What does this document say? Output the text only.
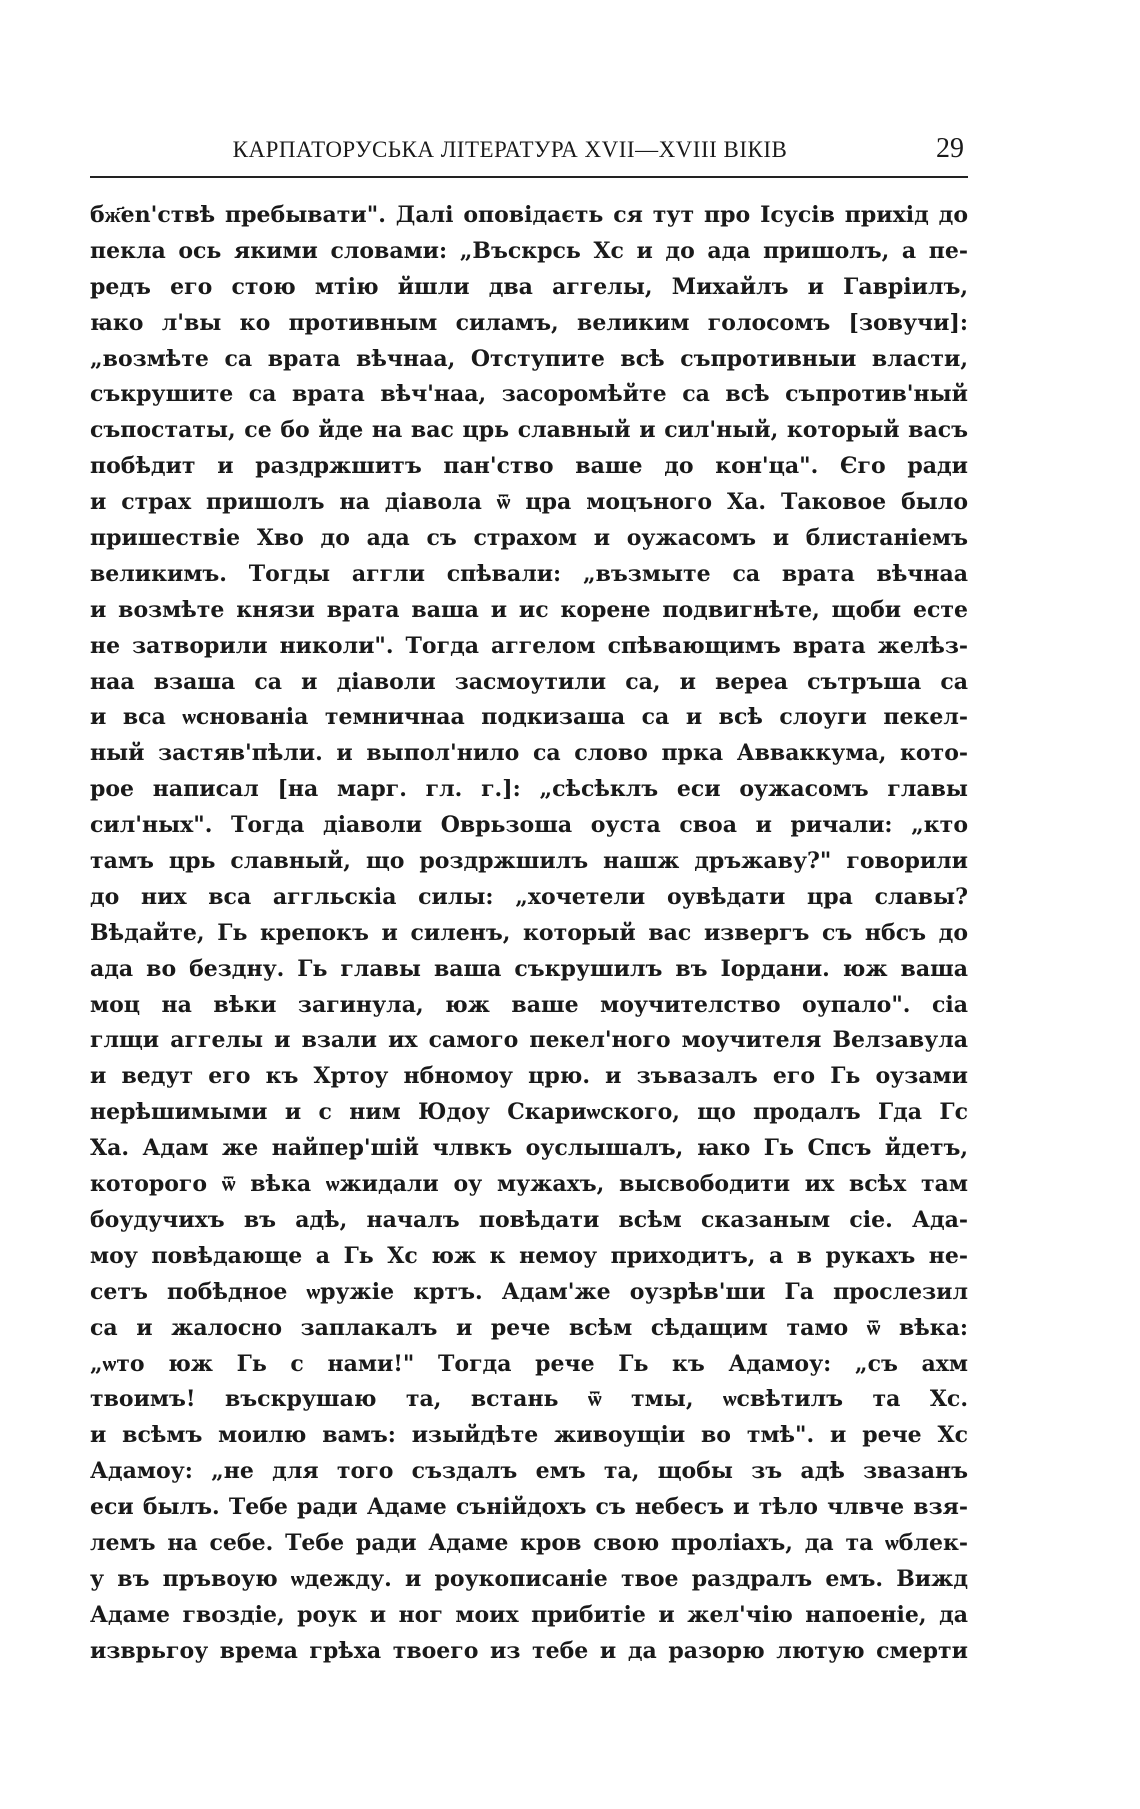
КАРПАТОРУСЬКА ЛІТЕРАТУРА XVII—XVIII ВІКІВ	29
бж҃еn'ствѣ пребывати". Далі оповідаєть ся тут про Ісусів прихід до
пекла ось якими словами: „Въскрсь Хс и до ада пришолъ, а пе-
редъ его стою мтію йшли два аггелы, Михайлъ и Гавріилъ,
ꙗко л'вы ко противным силамъ, великим голосомъ [зовучи]:
„возмѣте са врата вѣчнаа, Отступите всѣ съпротивныи власти,
съкрушите са врата вѣч'наа, засоромѣйте са всѣ съпротив'ный
съпостаты, се бо йде на вас црь славный и сил'ный, который васъ
побѣдит и раздржшитъ пан'ство ваше до кон'ца". Єго ради
и страх пришолъ на діавола ѿ цра моцъного Ха. Таковое было
пришествіе Хво до ада съ страхом и оужасомъ и блистаніемъ
великимъ. Тогды аггли спѣвали: „възмыте са врата вѣчнаа
и возмѣте князи врата ваша и ис корене подвигнѣте, щоби есте
не затворили николи". Тогда аггелом спѣвающимъ врата желѣз-
наа взаша са и діаволи засмоутили са, и вереа сътръша са
и вса ѡснованіа темничнаа подкизаша са и всѣ слоуги пекел-
ный застяв'пѣли. и выпол'нило са слово прка Авваккума, кото-
рое написал [на марг. гл. г.]: „сѣсѣклъ еси оужасомъ главы
сил'ных". Тогда діаволи Оврьзоша оуста своа и ричали: „кто
тамъ црь славный, що роздржшилъ нашж дръжаву?" говорили
до них вса аггльскіа силы: „хочетели оувѣдати цра славы?
Вѣдайте, Гь крепокъ и силенъ, который вас извергъ съ нбсъ до
ада во бездну. Гь главы ваша съкрушилъ въ Іордани. юж ваша
моц на вѣки загинула, юж ваше моучителство оупало". сіа
глщи аггелы и взали их самого пекел'ного моучителя Велзавула
и ведут его къ Хртоу нбномоу црю. и зъвазалъ его Гь оузами
нерѣшимыми и с ним Юдоу Скариѡского, що продалъ Гда Гс
Ха. Адам же найпер'шій члвкъ оуслышалъ, ꙗко Гь Спсъ йдетъ,
которого ѿ вѣка ѡжидали оу мужахъ, высвободити их всѣх там
боудучихъ въ адѣ, началъ повѣдати всѣм сказаным сіе. Ада-
моу повѣдающе а Гь Хс юж к немоу приходитъ, а в рукахъ не-
сетъ побѣдное ѡружіе кртъ. Адам'же оузрѣв'ши Га прослезил
са и жалосно заплакалъ и рече всѣм сѣдащим тамо ѿ вѣка:
„ѡто юж Гь с нами!" Тогда рече Гь къ Адамоу: „съ ахм
твоимъ! въскрушаю та, встань ѿ тмы, ѡсвѣтилъ та Хс.
и всѣмъ моилю вамъ: изыйдѣте живоущіи во тмѣ". и рече Хс
Адамоу: „не для того създалъ емъ та, щобы зъ адѣ звазанъ
еси былъ. Тебе ради Адаме сънійдохъ съ небесъ и тѣло члвче взя-
лемъ на себе. Тебе ради Адаме кров свою проліахъ, да та ѡблек-
у въ пръвоую ѡдежду. и роукописаніе твое раздралъ емъ. Вижд
Адаме гвоздіе, роук и ног моих прибитіе и жел'чію напоеніе, да
изврьгоу времa грѣха твоего из тебе и да разорю лютую смерти
